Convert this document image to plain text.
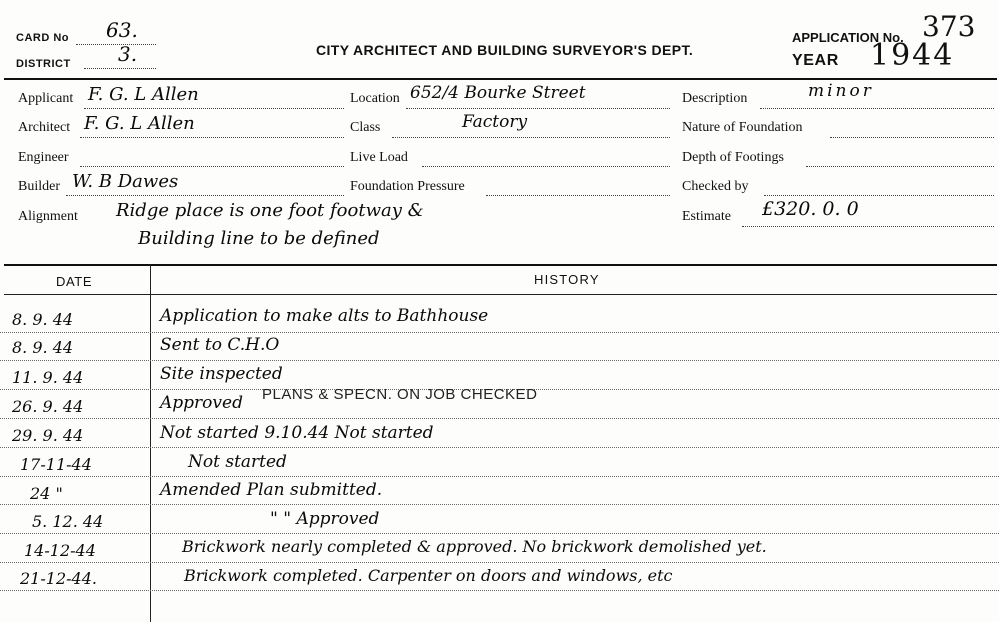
CARD No 63.
DISTRICT 3.	CITY ARCHITECT AND BUILDING SURVEYOR'S DEPT.
APPLICATION No. 373
YEAR 1944
Applicant F. G. L Allen
Architect F. G. L Allen
Engineer
Builder W. B Dawes
Alignment Ridge place is one foot footway &
Building line to be defined
Location 652/4 Bourke Street
Class	Factory
Live Load
Foundation Pressure
Description	minor
Nature of Foundation
Depth of Footings
Checked by
Estimate £320. 0. 0
DATE	HISTORY
8. 9. 44	Application to make alts to Bathhouse
8. 9. 44	Sent to C.H.O
11. 9. 44	Site inspected
26. 9. 44	Approved PLANS & SPECN. ON JOB CHECKED
29. 9. 44	Not started 9.10.44 Not started
17-11-44	Not started
24 "	Amended Plan submitted.
5. 12. 44	" " Approved
14-12-44	Brickwork nearly completed & approved. No brickwork demolished yet.
21-12-44.	Brickwork completed. Carpenter on doors and windows, etc
